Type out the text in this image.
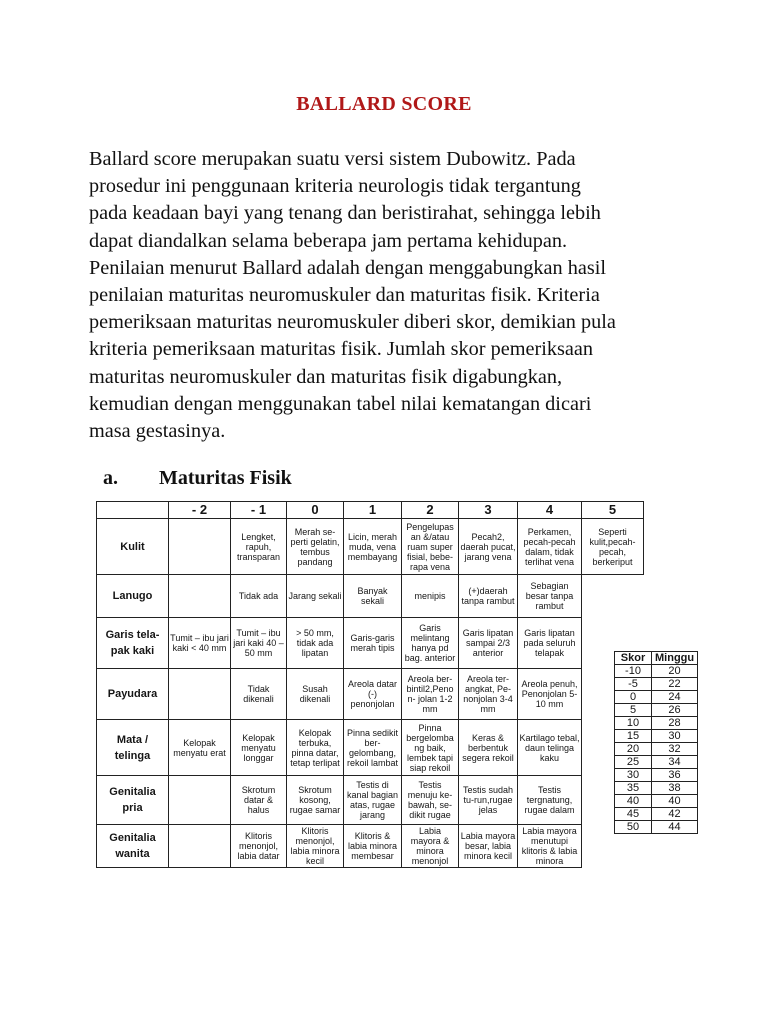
BALLARD SCORE

Ballard score merupakan suatu versi sistem Dubowitz. Pada
prosedur ini penggunaan kriteria neurologis tidak tergantung
pada keadaan bayi yang tenang dan beristirahat, sehingga lebih
dapat diandalkan selama beberapa jam pertama kehidupan.
Penilaian menurut Ballard adalah dengan menggabungkan hasil
penilaian maturitas neuromuskuler dan maturitas fisik. Kriteria
pemeriksaan maturitas neuromuskuler diberi skor, demikian pula
kriteria pemeriksaan maturitas fisik. Jumlah skor pemeriksaan
maturitas neuromuskuler dan maturitas fisik digabungkan,
kemudian dengan menggunakan tabel nilai kematangan dicari
masa gestasinya.

a. Maturitas Fisik
	- 2	- 1	0	1	2	3	4	5
Kulit		Lengket, rapuh, transparan	Merah se-perti gelatin, tembus pandang	Licin, merah muda, vena membayang	Pengelupas an &/atau ruam super fisial, bebe-rapa vena	Pecah2, daerah pucat, jarang vena	Perkamen, pecah-pecah dalam, tidak terlihat vena	Seperti kulit,pecah-pecah, berkeriput
Lanugo		Tidak ada	Jarang sekali	Banyak sekali	menipis	(+)daerah tanpa rambut	Sebagian besar tanpa rambut	
Garis tela-pak kaki	Tumit – ibu jari kaki < 40 mm	Tumit – ibu jari kaki 40 –50 mm	> 50 mm, tidak ada lipatan	Garis-garis merah tipis	Garis melintang hanya pd bag. anterior	Garis lipatan sampai 2/3 anterior	Garis lipatan pada seluruh telapak	
Payudara		Tidak dikenali	Susah dikenali	Areola datar (-) penonjolan	Areola ber-bintil2,Peno n- jolan 1-2 mm	Areola ter-angkat, Pe-nonjolan 3-4 mm	Areola penuh, Penonjolan 5- 10 mm	
Mata / telinga	Kelopak menyatu erat	Kelopak menyatu longgar	Kelopak terbuka, pinna datar, tetap terlipat	Pinna sedikit ber-gelombang, rekoil lambat	Pinna bergelomba ng baik, lembek tapi siap rekoil	Keras & berbentuk segera rekoil	Kartilago tebal, daun telinga kaku	
Genitalia pria		Skrotum datar & halus	Skrotum kosong, rugae samar	Testis di kanal bagian atas, rugae jarang	Testis menuju ke-bawah, se-dikit rugae	Testis sudah tu-run,rugae jelas	Testis tergnatung, rugae dalam	
Genitalia wanita		Klitoris menonjol, labia datar	Klitoris menonjol, labia minora kecil	Klitoris & labia minora membesar	Labia mayora & minora menonjol	Labia mayora besar, labia minora kecil	Labia mayora menutupi klitoris & labia minora	
Skor	Minggu
-10	20
-5	22
0	24
5	26
10	28
15	30
20	32
25	34
30	36
35	38
40	40
45	42
50	44
